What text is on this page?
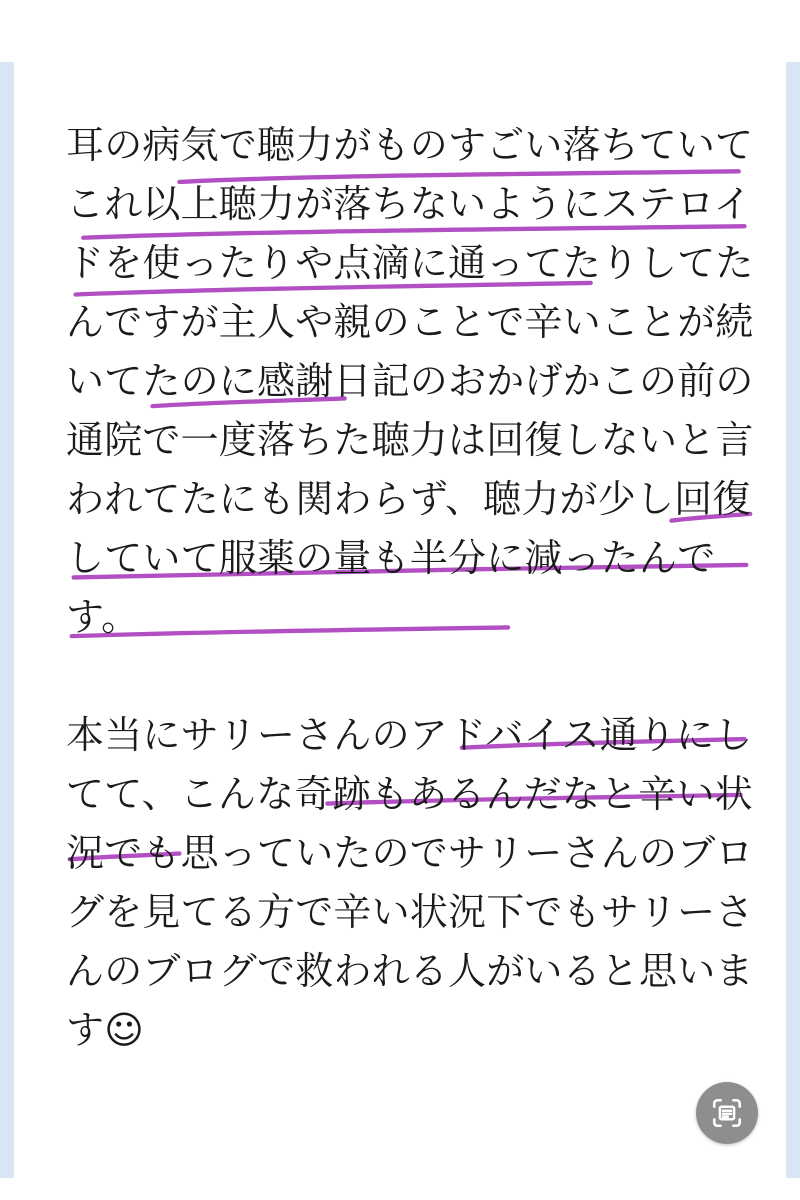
耳の病気で聴力がものすごい落ちていてこれ以上聴力が落ちないようにステロイドを使ったりや点滴に通ってたりしてたんですが主人や親のことで辛いことが続いてたのに感謝日記のおかげかこの前の通院で一度落ちた聴力は回復しないと言われてたにも関わらず、聴力が少し回復していて服薬の量も半分に減ったんです。

本当にサリーさんのアドバイス通りにしてて、こんな奇跡もあるんだなと辛い状況でも思っていたのでサリーさんのブログを見てる方で辛い状況下でもサリーさんのブログで救われる人がいると思います☺
